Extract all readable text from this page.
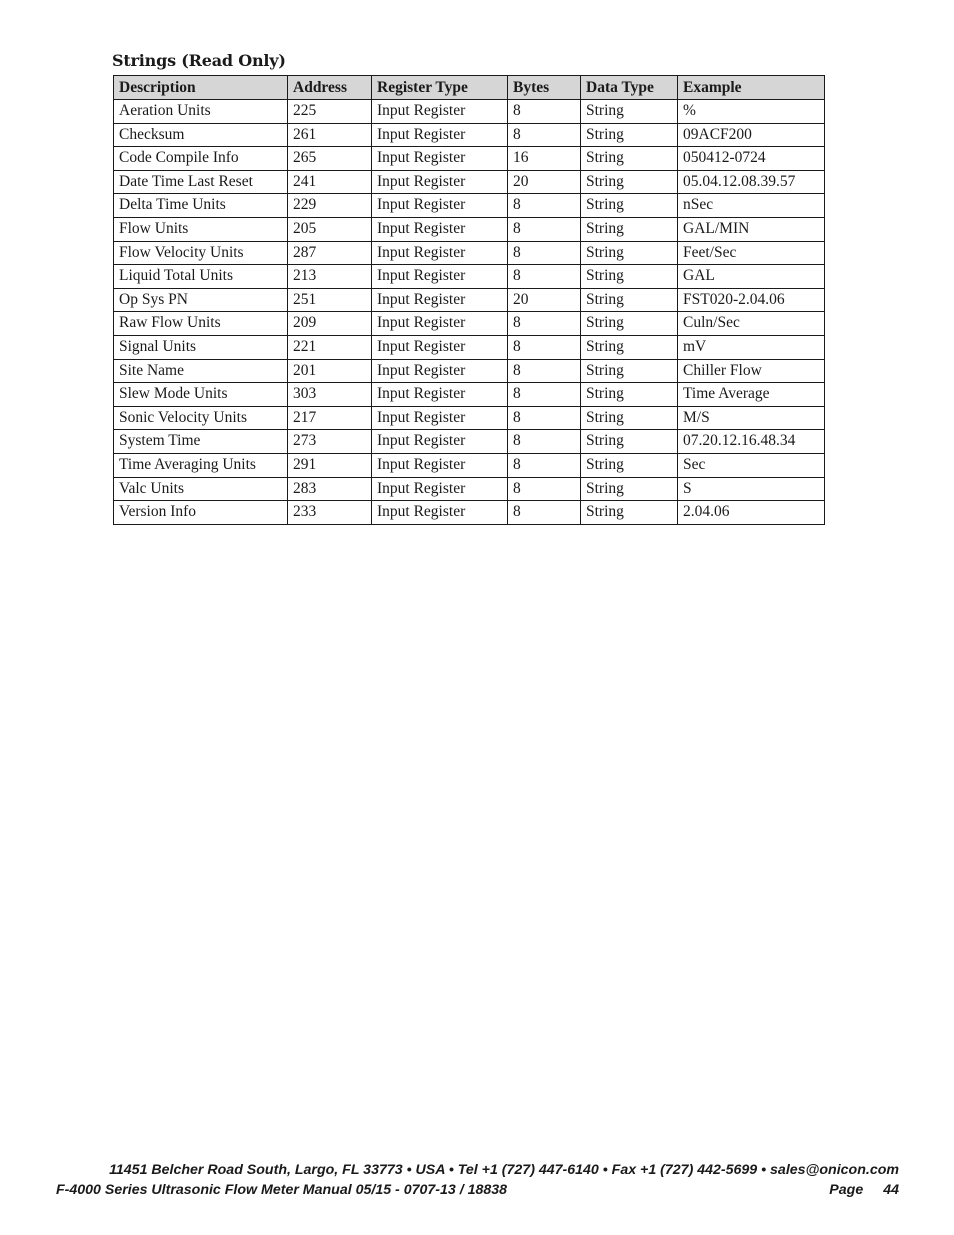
Strings (Read Only)
Description	Address	Register Type	Bytes	Data Type	Example
Aeration Units	225	Input Register	8	String	%
Checksum	261	Input Register	8	String	09ACF200
Code Compile Info	265	Input Register	16	String	050412-0724
Date Time Last Reset	241	Input Register	20	String	05.04.12.08.39.57
Delta Time Units	229	Input Register	8	String	nSec
Flow Units	205	Input Register	8	String	GAL/MIN
Flow Velocity Units	287	Input Register	8	String	Feet/Sec
Liquid Total Units	213	Input Register	8	String	GAL
Op Sys PN	251	Input Register	20	String	FST020-2.04.06
Raw Flow Units	209	Input Register	8	String	Culn/Sec
Signal Units	221	Input Register	8	String	mV
Site Name	201	Input Register	8	String	Chiller Flow
Slew Mode Units	303	Input Register	8	String	Time Average
Sonic Velocity Units	217	Input Register	8	String	M/S
System Time	273	Input Register	8	String	07.20.12.16.48.34
Time Averaging Units	291	Input Register	8	String	Sec
Valc Units	283	Input Register	8	String	S
Version Info	233	Input Register	8	String	2.04.06
11451 Belcher Road South, Largo, FL 33773 • USA • Tel +1 (727) 447-6140 • Fax +1 (727) 442-5699 • sales@onicon.com
F-4000 Series Ultrasonic Flow Meter Manual 05/15 - 0707-13 / 18838	Page 44
